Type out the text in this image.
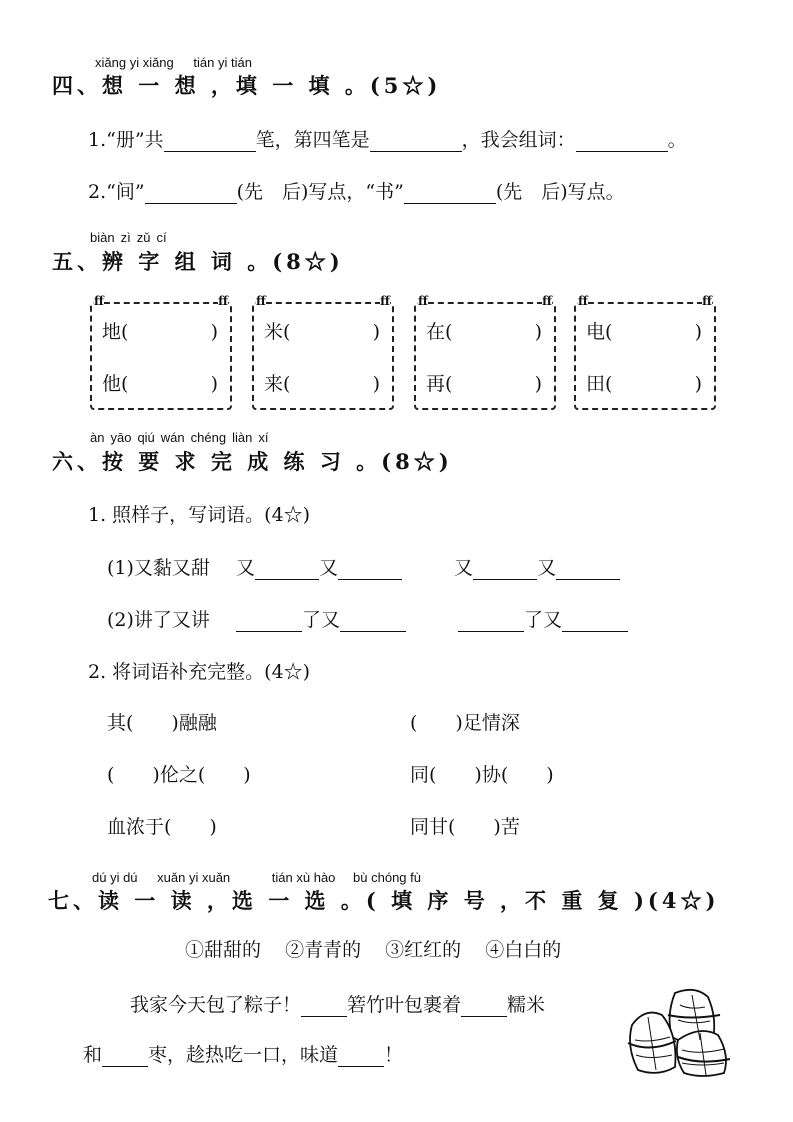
xiǎng yi xiǎng tián yi tián
四、想 一 想 ，填 一 填 。(5☆)
1.“册”共	笔，第四笔是	，我会组词：	。
2.“间”	(先　后)写点，“书”	(先　后)写点。
biàn zì zǔ cí
五、辨 字 组 词 。(8☆)
ff	ff
地(	)
他(	)
ff	ff
米(	)
来(	)
ff	ff
在(	)
再(	)
ff	ff
电(	)
田(	)
àn yāo qiú wán chéng liàn xí
六、按 要 求 完 成 练 习 。(8☆)
1. 照样子，写词语。(4☆)
(1)又黏又甜 又	又	又	又
(2)讲了又讲	了又	了又
2. 将词语补充完整。(4☆)
其(　　)融融	(　　)足情深
(　　)伦之(　　)	同(　　)协(　　)
血浓于(　　)	同甘(　　)苦
dú yi dú xuǎn yi xuǎn	tián xù hào bù chóng fù
七、读 一 读 ，选 一 选 。( 填 序 号 ，不 重 复 )(4☆)
①甜甜的 ②青青的 ③红红的 ④白白的
我家今天包了粽子！ 箬竹叶包裹着 糯米
和 枣，趁热吃一口，味道 ！
